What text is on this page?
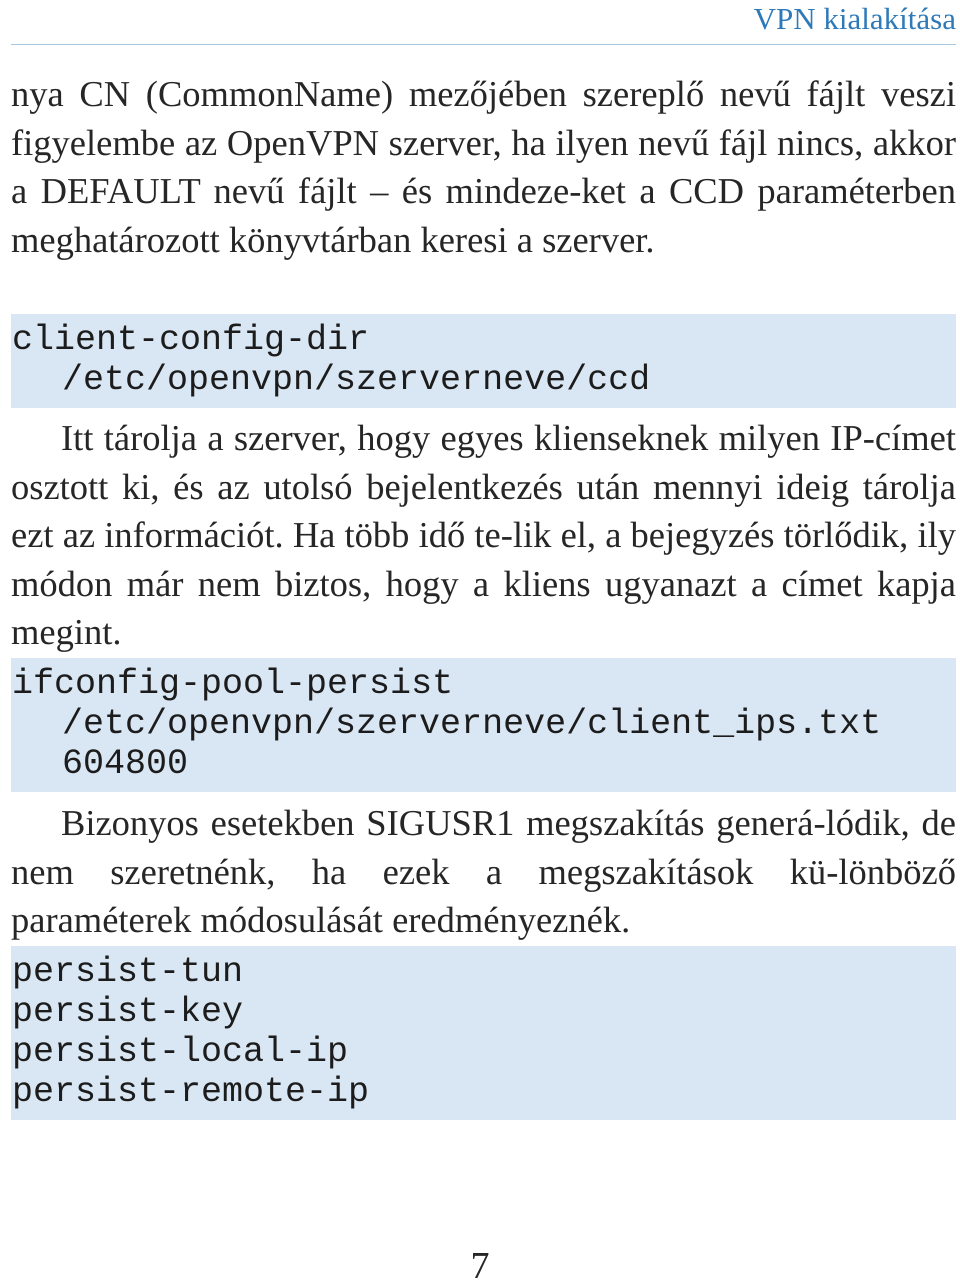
VPN kialakítása

nya CN (CommonName) mezőjében szereplő nevű fájlt veszi figyelembe az OpenVPN szerver, ha ilyen nevű fájl nincs, akkor a DEFAULT nevű fájlt – és mindeze-ket a CCD paraméterben meghatározott könyvtárban keresi a szerver.

client-config-dir
/etc/openvpn/szerverneve/ccd

Itt tárolja a szerver, hogy egyes klienseknek milyen IP-címet osztott ki, és az utolsó bejelentkezés után mennyi ideig tárolja ezt az információt. Ha több idő te-lik el, a bejegyzés törlődik, ily módon már nem biztos, hogy a kliens ugyanazt a címet kapja megint.

ifconfig-pool-persist
/etc/openvpn/szerverneve/client_ips.txt
604800

Bizonyos esetekben SIGUSR1 megszakítás generá-lódik, de nem szeretnénk, ha ezek a megszakítások kü-lönböző paraméterek módosulását eredményeznék.

persist-tun
persist-key
persist-local-ip
persist-remote-ip
7
